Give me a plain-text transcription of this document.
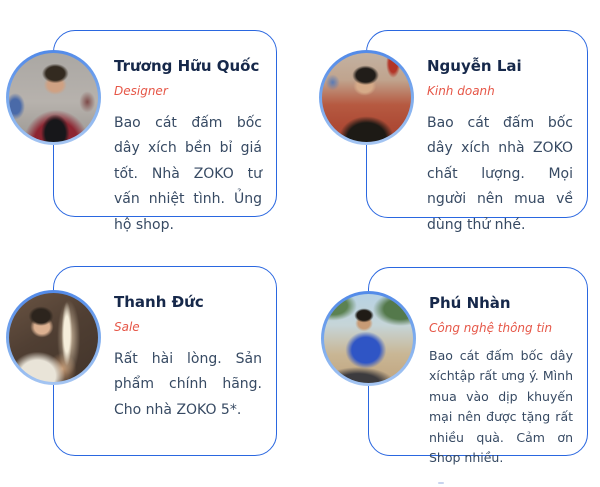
Trương Hữu Quốc
Designer
Bao cát đấm bốc dây xích bền bỉ giá tốt. Nhà ZOKO tư vấn nhiệt tình. Ủng hộ shop.
Nguyễn Lai
Kinh doanh
Bao cát đấm bốc dây xích nhà ZOKO chất lượng. Mọi người nên mua về dùng thử nhé.
Thanh Đức
Sale
Rất hài lòng. Sản phẩm chính hãng. Cho nhà ZOKO 5*.
Phú Nhàn
Công nghệ thông tin
Bao cát đấm bốc dây xíchtập rất ưng ý. Mình mua vào dịp khuyến mại nên được tặng rất nhiều quà. Cảm ơn Shop nhiều.
